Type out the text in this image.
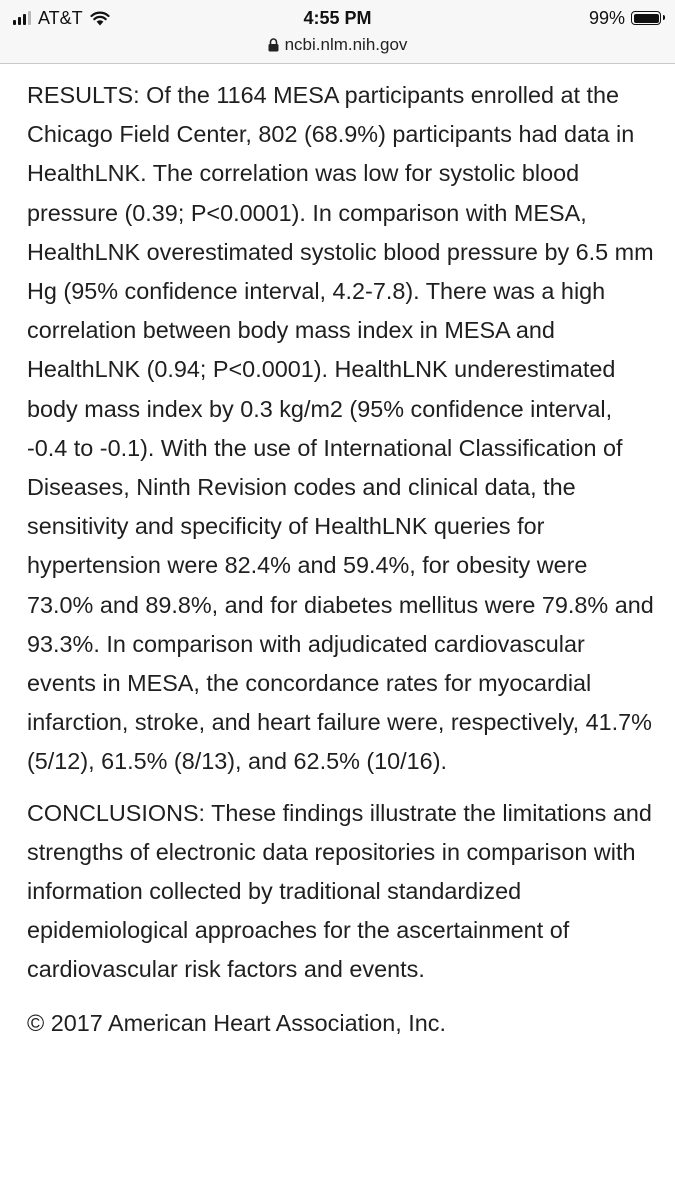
AT&T	4:55 PM	99%
ncbi.nlm.nih.gov

RESULTS: Of the 1164 MESA participants enrolled at the Chicago Field Center, 802 (68.9%) participants had data in HealthLNK. The correlation was low for systolic blood pressure (0.39; P<0.0001). In comparison with MESA, HealthLNK overestimated systolic blood pressure by 6.5 mm Hg (95% confidence interval, 4.2-7.8). There was a high correlation between body mass index in MESA and HealthLNK (0.94; P<0.0001). HealthLNK underestimated body mass index by 0.3 kg/m2 (95% confidence interval, -0.4 to -0.1). With the use of International Classification of Diseases, Ninth Revision codes and clinical data, the sensitivity and specificity of HealthLNK queries for hypertension were 82.4% and 59.4%, for obesity were 73.0% and 89.8%, and for diabetes mellitus were 79.8% and 93.3%. In comparison with adjudicated cardiovascular events in MESA, the concordance rates for myocardial infarction, stroke, and heart failure were, respectively, 41.7% (5/12), 61.5% (8/13), and 62.5% (10/16).

CONCLUSIONS: These findings illustrate the limitations and strengths of electronic data repositories in comparison with information collected by traditional standardized epidemiological approaches for the ascertainment of cardiovascular risk factors and events.

© 2017 American Heart Association, Inc.
